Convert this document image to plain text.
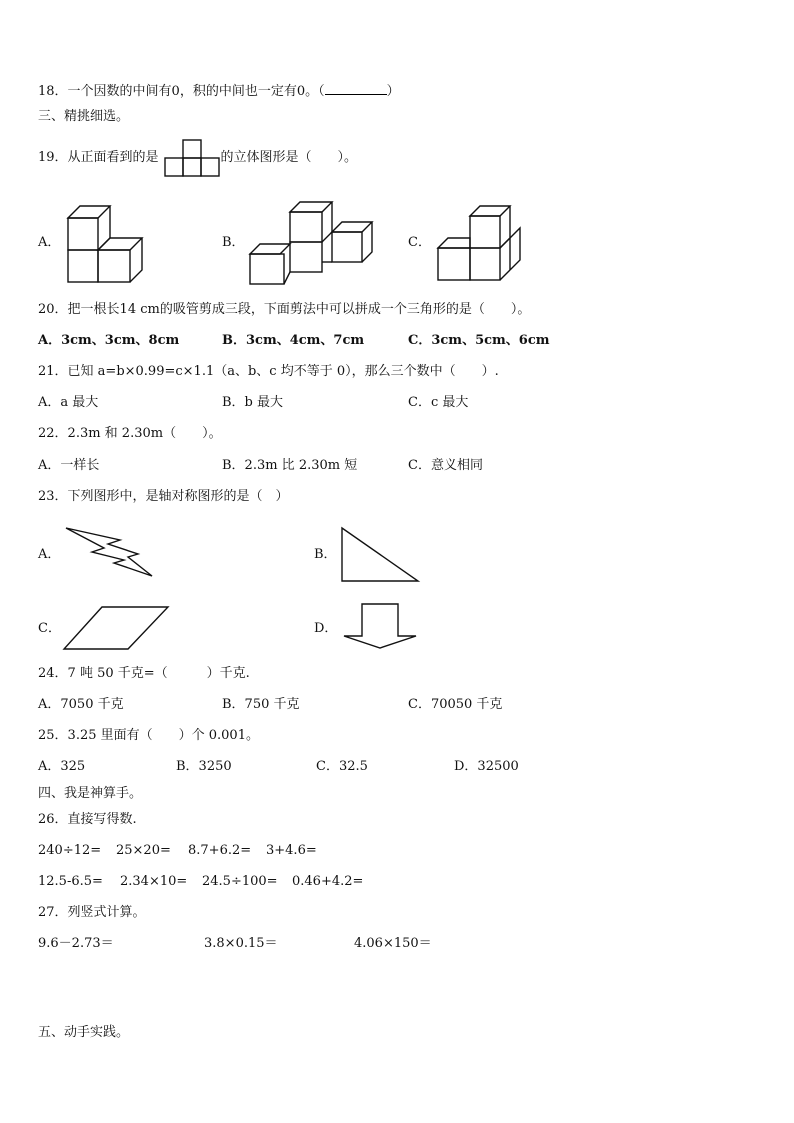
18．一个因数的中间有0，积的中间也一定有0。（	）
三、精挑细选。
19．从正面看到的是	的立体图形是（　　）。
A．	B．	C．
20．把一根长14 cm的吸管剪成三段，下面剪法中可以拼成一个三角形的是（　　）。
A．3cm、3cm、8cm	B．3cm、4cm、7cm	C．3cm、5cm、6cm
21．已知 a=b×0.99=c×1.1（a、b、c 均不等于 0），那么三个数中（　　）.
A．a 最大	B．b 最大	C．c 最大
22．2.3m 和 2.30m（　　）。
A．一样长	B．2.3m 比 2.30m 短	C．意义相同
23．下列图形中，是轴对称图形的是（　）
A．	B．
C．	D．
24．7 吨 50 千克=（　　　）千克.
A．7050 千克	B．750 千克	C．70050 千克
25．3.25 里面有（　　）个 0.001。
A．325	B．3250	C．32.5	D．32500
四、我是神算手。
26．直接写得数.
240÷12= 25×20= 8.7+6.2= 3+4.6=
12.5-6.5= 2.34×10= 24.5÷100= 0.46+4.2=
27．列竖式计算。
9.6－2.73＝	3.8×0.15＝	4.06×150＝
五、动手实践。
